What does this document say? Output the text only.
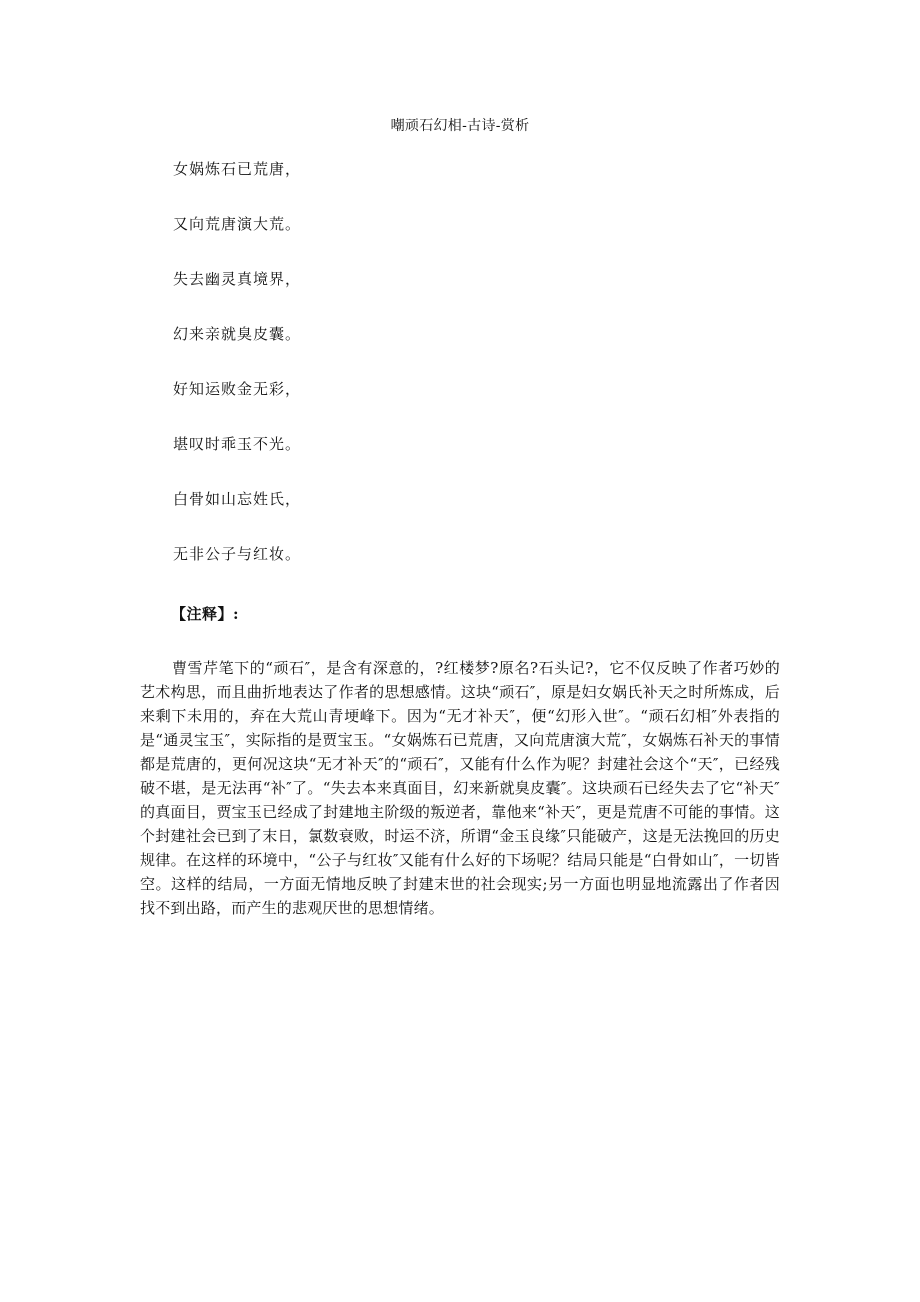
嘲顽石幻相-古诗-赏析
女娲炼石已荒唐，
又向荒唐演大荒。
失去幽灵真境界，
幻来亲就臭皮囊。
好知运败金无彩，
堪叹时乖玉不光。
白骨如山忘姓氏，
无非公子与红妆。
【注释】:

曹雪芹笔下的“顽石″，是含有深意的，?红楼梦?原名?石头记?，它不仅反映了作者巧妙的艺术构思，而且曲折地表达了作者的思想感情。这块“顽石″，原是妇女娲氏补天之时所炼成，后来剩下未用的，弃在大荒山青埂峰下。因为“无才补天″，便“幻形入世″。“顽石幻相″外表指的是“通灵宝玉″，实际指的是贾宝玉。“女娲炼石已荒唐，又向荒唐演大荒″，女娲炼石补天的事情都是荒唐的，更何况这块“无才补天″的“顽石″，又能有什么作为呢？封建社会这个“天″，已经残破不堪，是无法再“补″了。“失去本来真面目，幻来新就臭皮囊″。这块顽石已经失去了它“补天″的真面目，贾宝玉已经成了封建地主阶级的叛逆者，靠他来“补天″，更是荒唐不可能的事情。这个封建社会已到了末日，氯数衰败，时运不济，所谓“金玉良缘″只能破产，这是无法挽回的历史规律。在这样的环境中，“公子与红妆″又能有什么好的下场呢？结局只能是“白骨如山″，一切皆空。这样的结局，一方面无情地反映了封建末世的社会现实;另一方面也明显地流露出了作者因找不到出路，而产生的悲观厌世的思想情绪。
